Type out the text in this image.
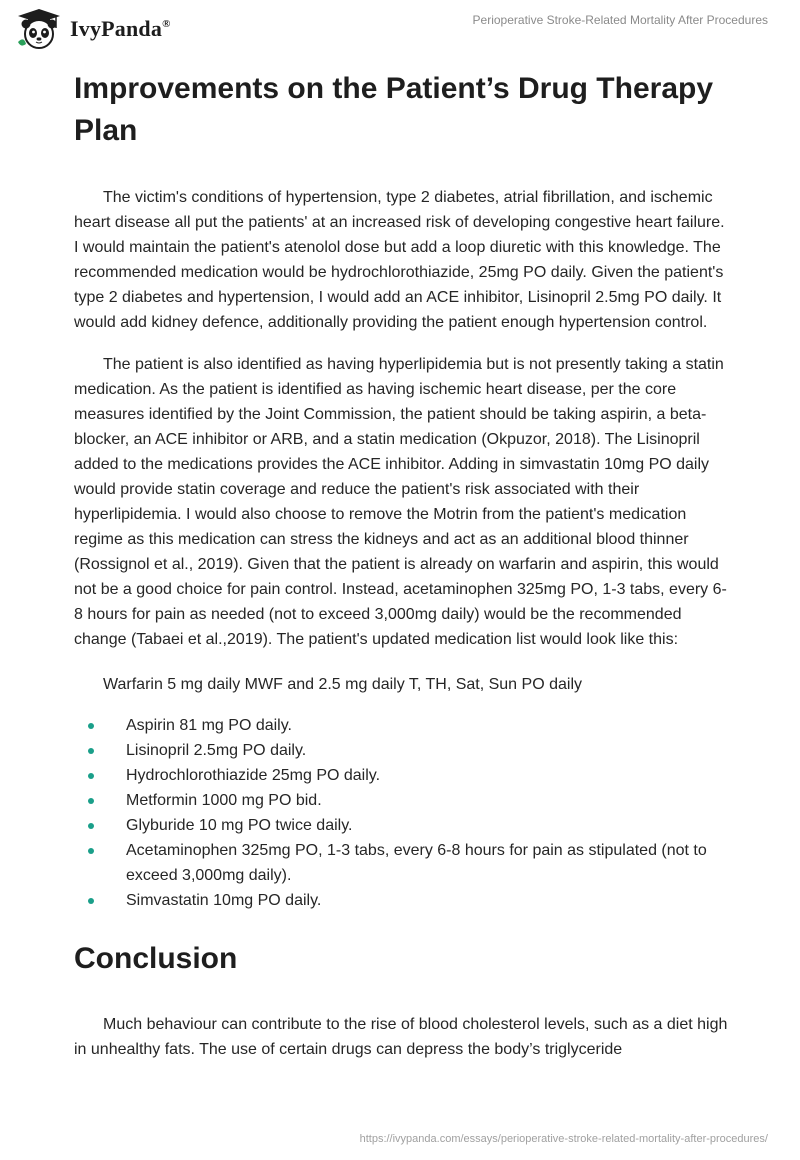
IvyPanda®	Perioperative Stroke-Related Mortality After Procedures
Improvements on the Patient’s Drug Therapy Plan

The victim's conditions of hypertension, type 2 diabetes, atrial fibrillation, and ischemic heart disease all put the patients' at an increased risk of developing congestive heart failure. I would maintain the patient's atenolol dose but add a loop diuretic with this knowledge. The recommended medication would be hydrochlorothiazide, 25mg PO daily. Given the patient's type 2 diabetes and hypertension, I would add an ACE inhibitor, Lisinopril 2.5mg PO daily. It would add kidney defence, additionally providing the patient enough hypertension control.

The patient is also identified as having hyperlipidemia but is not presently taking a statin medication. As the patient is identified as having ischemic heart disease, per the core measures identified by the Joint Commission, the patient should be taking aspirin, a beta-blocker, an ACE inhibitor or ARB, and a statin medication (Okpuzor, 2018). The Lisinopril added to the medications provides the ACE inhibitor. Adding in simvastatin 10mg PO daily would provide statin coverage and reduce the patient's risk associated with their hyperlipidemia. I would also choose to remove the Motrin from the patient's medication regime as this medication can stress the kidneys and act as an additional blood thinner (Rossignol et al., 2019). Given that the patient is already on warfarin and aspirin, this would not be a good choice for pain control. Instead, acetaminophen 325mg PO, 1-3 tabs, every 6-8 hours for pain as needed (not to exceed 3,000mg daily) would be the recommended change (Tabaei et al.,2019). The patient's updated medication list would look like this:

Warfarin 5 mg daily MWF and 2.5 mg daily T, TH, Sat, Sun PO daily

Aspirin 81 mg PO daily.
Lisinopril 2.5mg PO daily.
Hydrochlorothiazide 25mg PO daily.
Metformin 1000 mg PO bid.
Glyburide 10 mg PO twice daily.
Acetaminophen 325mg PO, 1-3 tabs, every 6-8 hours for pain as stipulated (not to exceed 3,000mg daily).
Simvastatin 10mg PO daily.
Conclusion

Much behaviour can contribute to the rise of blood cholesterol levels, such as a diet high in unhealthy fats. The use of certain drugs can depress the body’s triglyceride

https://ivypanda.com/essays/perioperative-stroke-related-mortality-after-procedures/
